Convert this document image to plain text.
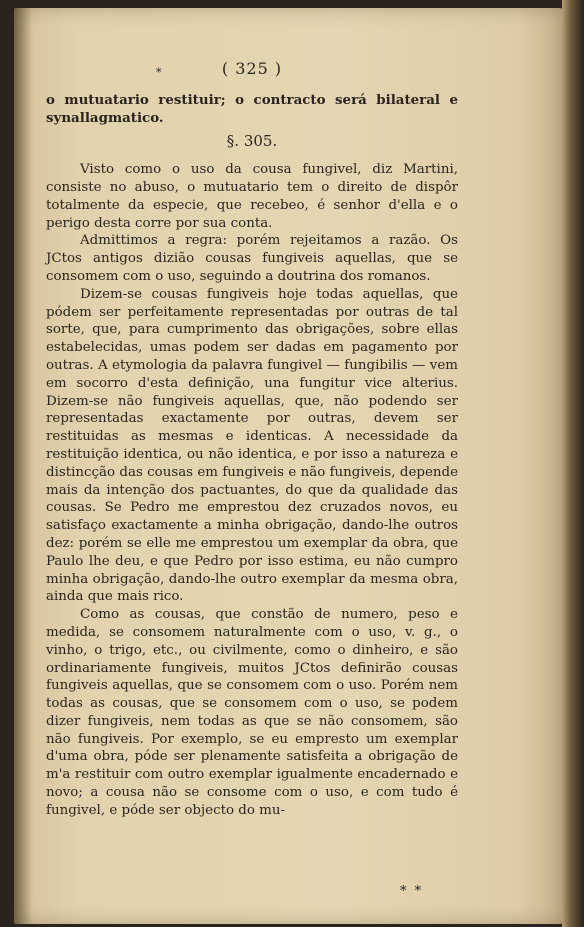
*	( 325 )

o mutuatario restituir; o contracto será bilateral e synallagmatico.

§. 305.

Visto como o uso da cousa fungivel, diz Martini, consiste no abuso, o mutuatario tem o direito de dispôr totalmente da especie, que recebeo, é senhor d'ella e o perigo desta corre por sua conta.

Admittimos a regra: porém rejeitamos a razão. Os JCtos antigos dizião cousas fungiveis aquellas, que se consomem com o uso, seguindo a doutrina dos romanos.

Dizem-se cousas fungiveis hoje todas aquellas, que pódem ser perfeitamente representadas por outras de tal sorte, que, para cumprimento das obrigações, sobre ellas estabelecidas, umas podem ser dadas em pagamento por outras. A etymologia da palavra fungivel — fungibilis — vem em socorro d'esta definição, una fungitur vice alterius. Dizem-se não fungiveis aquellas, que, não podendo ser representadas exactamente por outras, devem ser restituidas as mesmas e identicas. A necessidade da restituição identica, ou não identica, e por isso a natureza e distincção das cousas em fungiveis e não fungiveis, depende mais da intenção dos pactuantes, do que da qualidade das cousas. Se Pedro me emprestou dez cruzados novos, eu satisfaço exactamente a minha obrigação, dando-lhe outros dez: porém se elle me emprestou um exemplar da obra, que Paulo lhe deu, e que Pedro por isso estima, eu não cumpro minha obrigação, dando-lhe outro exemplar da mesma obra, ainda que mais rico.

Como as cousas, que constão de numero, peso e medida, se consomem naturalmente com o uso, v. g., o vinho, o trigo, etc., ou civilmente, como o dinheiro, e são ordinariamente fungiveis, muitos JCtos definirão cousas fungiveis aquellas, que se consomem com o uso. Porém nem todas as cousas, que se consomem com o uso, se podem dizer fungiveis, nem todas as que se não consomem, são não fungiveis. Por exemplo, se eu empresto um exemplar d'uma obra, póde ser plenamente satisfeita a obrigação de m'a restituir com outro exemplar igualmente encadernado e novo; a cousa não se consome com o uso, e com tudo é fungivel, e póde ser objecto do mu-

* *
